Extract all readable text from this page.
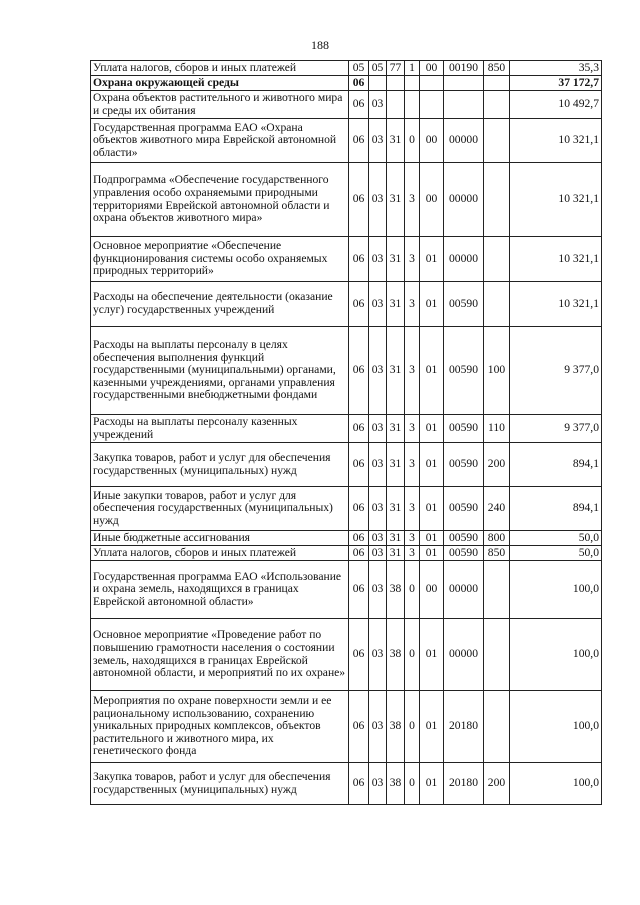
188
Уплата налогов, сборов и иных платежей	05	05	77	1	00	00190	850	35,3
Охрана окружающей среды	06							37 172,7
Охрана объектов растительного и животного мира и среды их обитания	06	03						10 492,7
Государственная программа ЕАО «Охрана объектов животного мира Еврейской автономной области»	06	03	31	0	00	00000		10 321,1
Подпрограмма «Обеспечение государственного управления особо охраняемыми природными территориями Еврейской автономной области и охрана объектов животного мира»	06	03	31	3	00	00000		10 321,1
Основное мероприятие «Обеспечение функционирования системы особо охраняемых природных территорий»	06	03	31	3	01	00000		10 321,1
Расходы на обеспечение деятельности (оказание услуг) государственных учреждений	06	03	31	3	01	00590		10 321,1
Расходы на выплаты персоналу в целях обеспечения выполнения функций государственными (муниципальными) органами, казенными учреждениями, органами управления государственными внебюджетными фондами	06	03	31	3	01	00590	100	9 377,0
Расходы на выплаты персоналу казенных учреждений	06	03	31	3	01	00590	110	9 377,0
Закупка товаров, работ и услуг для обеспечения государственных (муниципальных) нужд	06	03	31	3	01	00590	200	894,1
Иные закупки товаров, работ и услуг для обеспечения государственных (муниципальных) нужд	06	03	31	3	01	00590	240	894,1
Иные бюджетные ассигнования	06	03	31	3	01	00590	800	50,0
Уплата налогов, сборов и иных платежей	06	03	31	3	01	00590	850	50,0
Государственная программа ЕАО «Использование и охрана земель, находящихся в границах Еврейской автономной области»	06	03	38	0	00	00000		100,0
Основное мероприятие «Проведение работ по повышению грамотности населения о состоянии земель, находящихся в границах Еврейской автономной области, и мероприятий по их охране»	06	03	38	0	01	00000		100,0
Мероприятия по охране поверхности земли и ее рациональному использованию, сохранению уникальных природных комплексов, объектов растительного и животного мира, их генетического фонда	06	03	38	0	01	20180		100,0
Закупка товаров, работ и услуг для обеспечения государственных (муниципальных) нужд	06	03	38	0	01	20180	200	100,0
